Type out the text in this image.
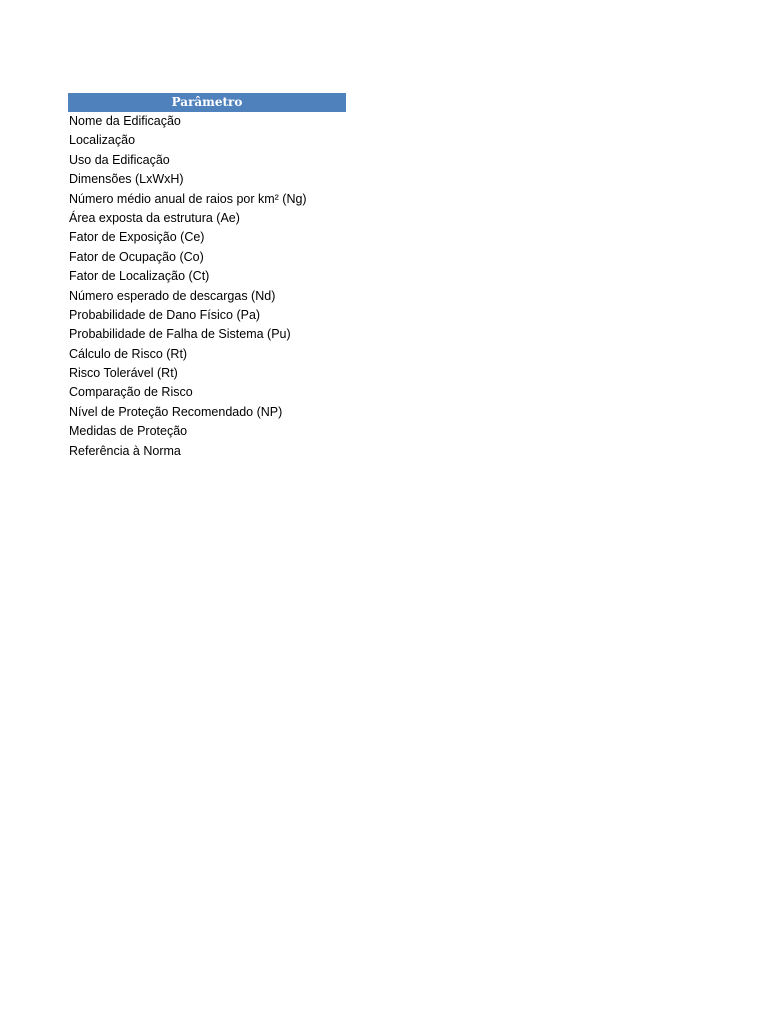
Parâmetro
Nome da Edificação
Localização
Uso da Edificação
Dimensões (LxWxH)
Número médio anual de raios por km² (Ng)
Área exposta da estrutura (Ae)
Fator de Exposição (Ce)
Fator de Ocupação (Co)
Fator de Localização (Ct)
Número esperado de descargas (Nd)
Probabilidade de Dano Físico (Pa)
Probabilidade de Falha de Sistema (Pu)
Cálculo de Risco (Rt)
Risco Tolerável (Rt)
Comparação de Risco
Nível de Proteção Recomendado (NP)
Medidas de Proteção
Referência à Norma
